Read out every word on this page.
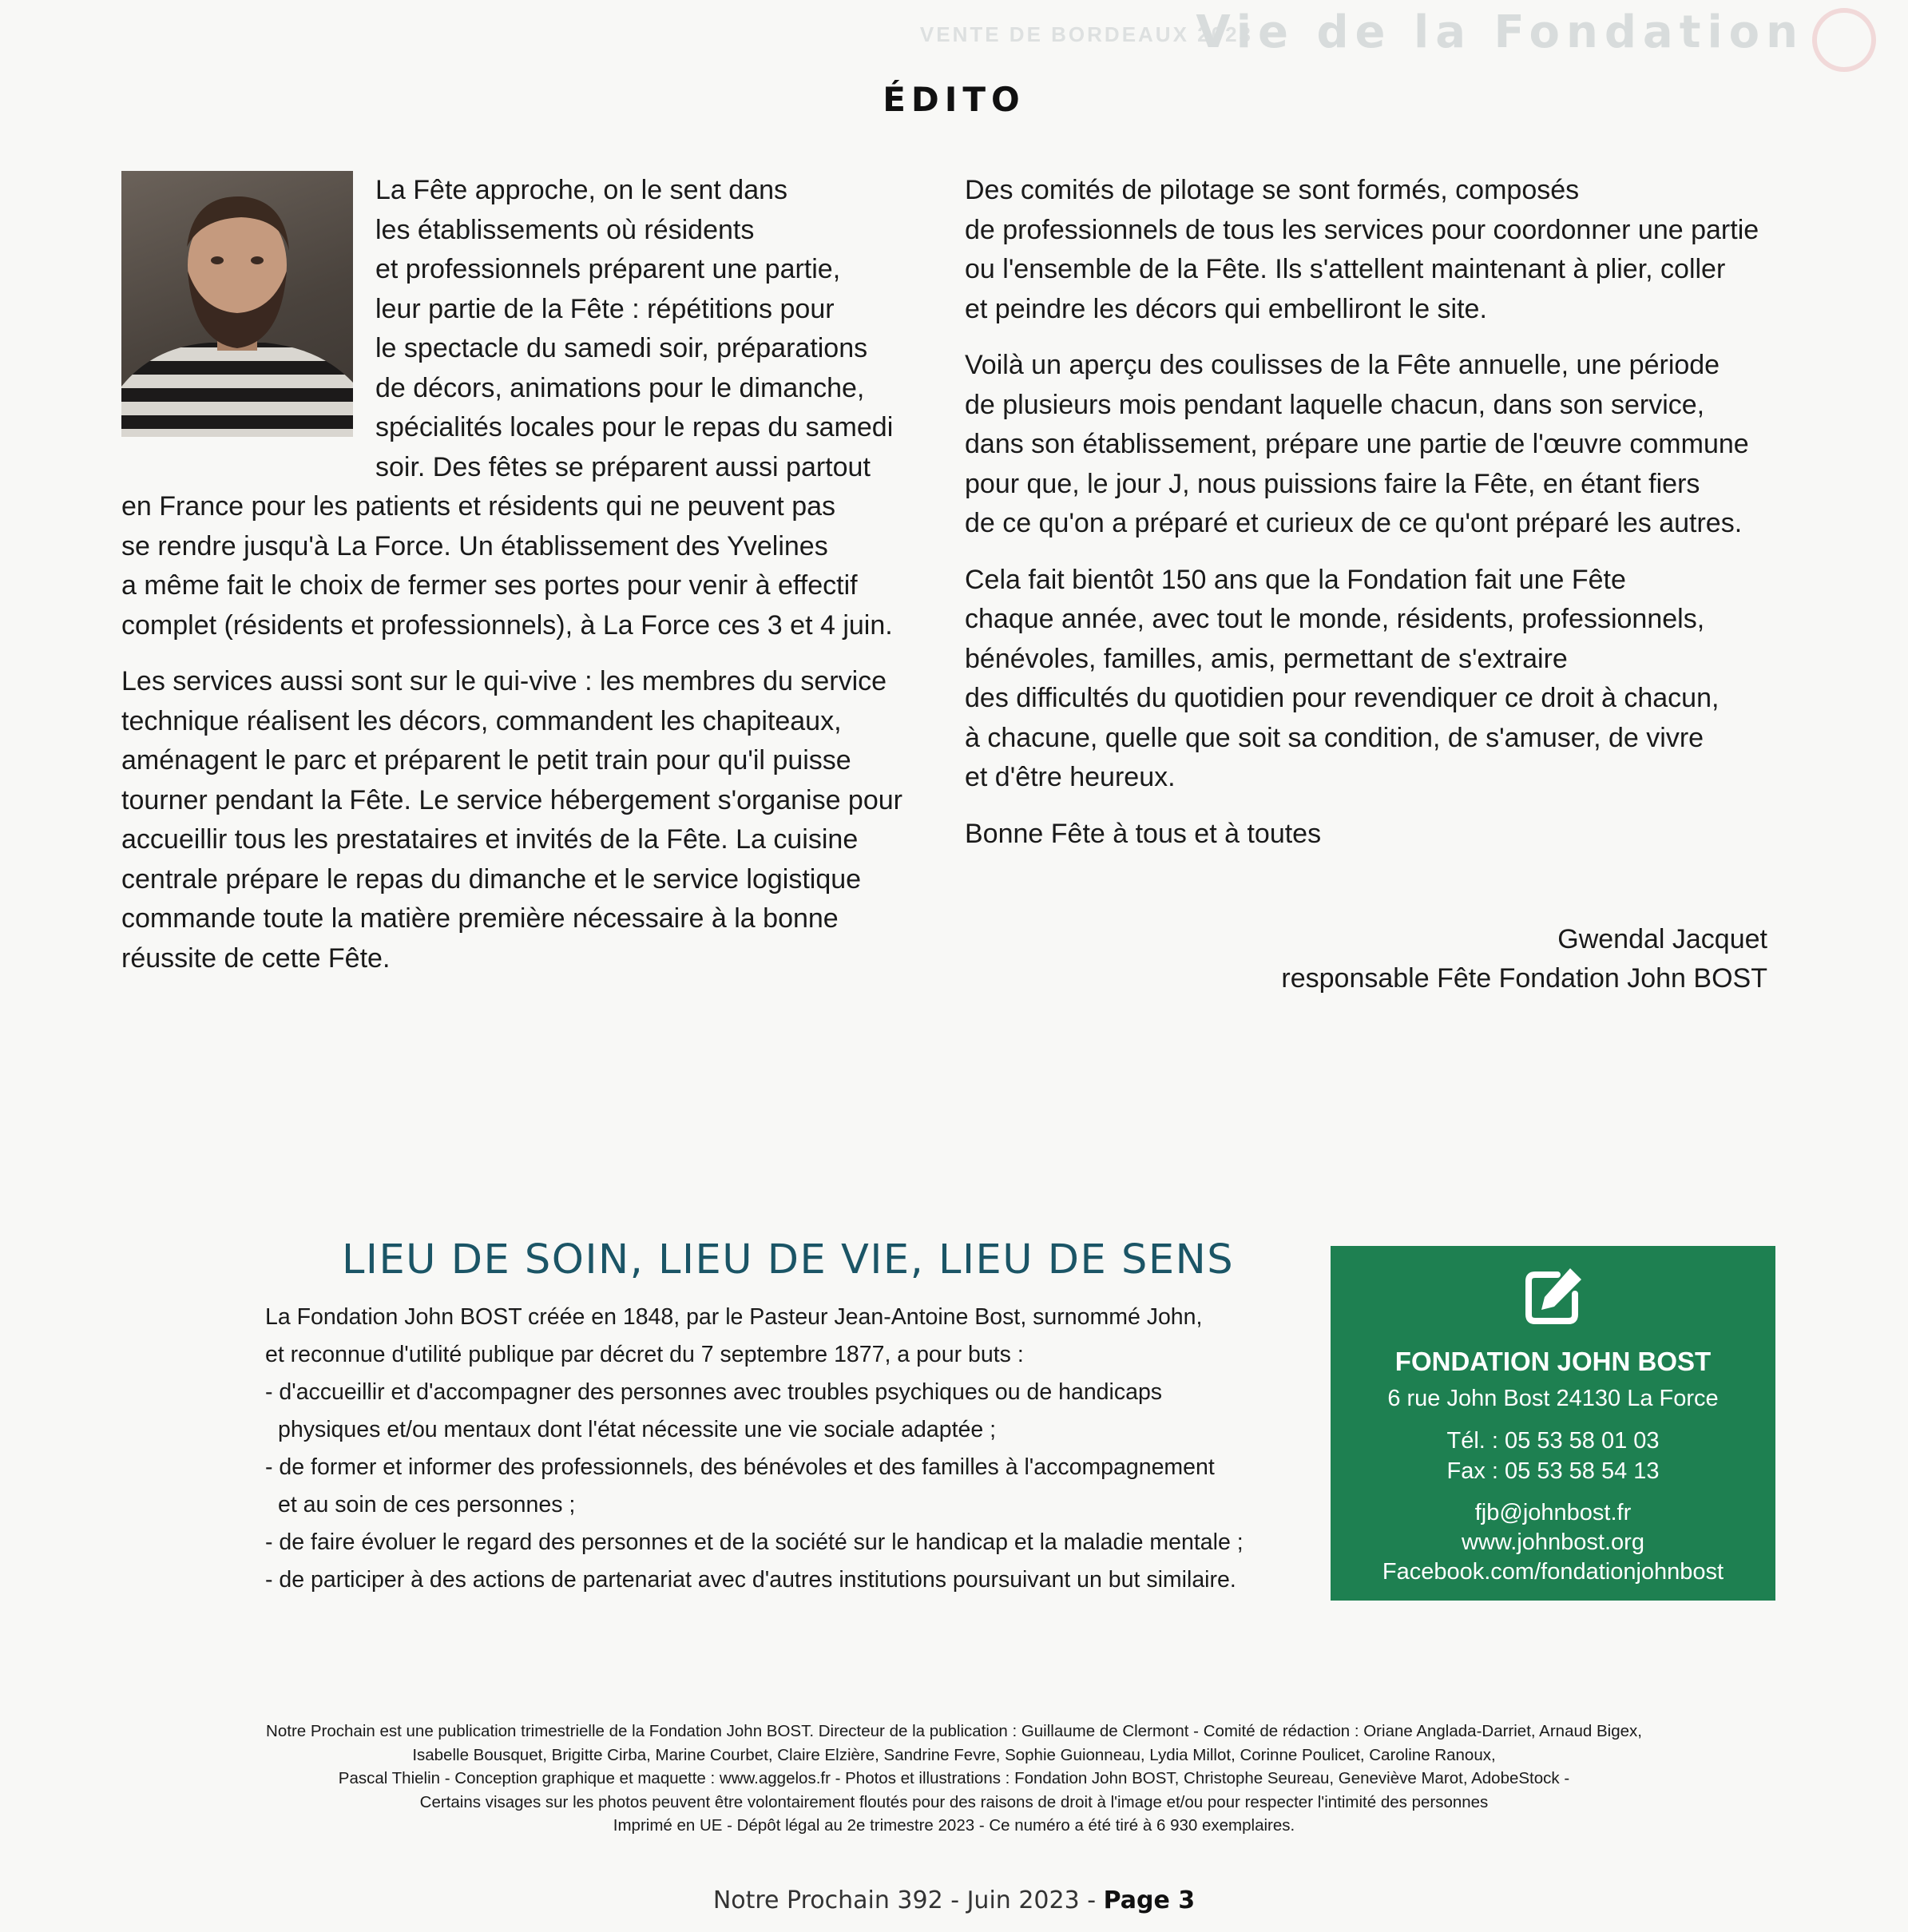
VENTE DE BORDEAUX 2023
Vie de la Fondation
ÉDITO

La Fête approche, on le sent dans
les établissements où résidents
et professionnels préparent une partie,
leur partie de la Fête : répétitions pour
le spectacle du samedi soir, préparations
de décors, animations pour le dimanche,
spécialités locales pour le repas du samedi
soir. Des fêtes se préparent aussi partout
en France pour les patients et résidents qui ne peuvent pas
se rendre jusqu'à La Force. Un établissement des Yvelines
a même fait le choix de fermer ses portes pour venir à effectif
complet (résidents et professionnels), à La Force ces 3 et 4 juin.

Les services aussi sont sur le qui-vive : les membres du service
technique réalisent les décors, commandent les chapiteaux,
aménagent le parc et préparent le petit train pour qu'il puisse
tourner pendant la Fête. Le service hébergement s'organise pour
accueillir tous les prestataires et invités de la Fête. La cuisine
centrale prépare le repas du dimanche et le service logistique
commande toute la matière première nécessaire à la bonne
réussite de cette Fête.

Des comités de pilotage se sont formés, composés
de professionnels de tous les services pour coordonner une partie
ou l'ensemble de la Fête. Ils s'attellent maintenant à plier, coller
et peindre les décors qui embelliront le site.

Voilà un aperçu des coulisses de la Fête annuelle, une période
de plusieurs mois pendant laquelle chacun, dans son service,
dans son établissement, prépare une partie de l'œuvre commune
pour que, le jour J, nous puissions faire la Fête, en étant fiers
de ce qu'on a préparé et curieux de ce qu'ont préparé les autres.

Cela fait bientôt 150 ans que la Fondation fait une Fête
chaque année, avec tout le monde, résidents, professionnels,
bénévoles, familles, amis, permettant de s'extraire
des difficultés du quotidien pour revendiquer ce droit à chacun,
à chacune, quelle que soit sa condition, de s'amuser, de vivre
et d'être heureux.

Bonne Fête à tous et à toutes

Gwendal Jacquet
responsable Fête Fondation John BOST
LIEU DE SOIN, LIEU DE VIE, LIEU DE SENS

La Fondation John BOST créée en 1848, par le Pasteur Jean-Antoine Bost, surnommé John,

et reconnue d'utilité publique par décret du 7 septembre 1877, a pour buts :

- d'accueillir et d'accompagner des personnes avec troubles psychiques ou de handicaps

physiques et/ou mentaux dont l'état nécessite une vie sociale adaptée ;

- de former et informer des professionnels, des bénévoles et des familles à l'accompagnement

et au soin de ces personnes ;

- de faire évoluer le regard des personnes et de la société sur le handicap et la maladie mentale ;

- de participer à des actions de partenariat avec d'autres institutions poursuivant un but similaire.

FONDATION JOHN BOST
6 rue John Bost 24130 La Force
Tél. : 05 53 58 01 03
Fax : 05 53 58 54 13
fjb@johnbost.fr
www.johnbost.org
Facebook.com/fondationjohnbost

Notre Prochain est une publication trimestrielle de la Fondation John BOST. Directeur de la publication : Guillaume de Clermont - Comité de rédaction : Oriane Anglada-Darriet, Arnaud Bigex,

Isabelle Bousquet, Brigitte Cirba, Marine Courbet, Claire Elzière, Sandrine Fevre, Sophie Guionneau, Lydia Millot, Corinne Poulicet, Caroline Ranoux,

Pascal Thielin - Conception graphique et maquette : www.aggelos.fr - Photos et illustrations : Fondation John BOST, Christophe Seureau, Geneviève Marot, AdobeStock -

Certains visages sur les photos peuvent être volontairement floutés pour des raisons de droit à l'image et/ou pour respecter l'intimité des personnes

Imprimé en UE - Dépôt légal au 2e trimestre 2023 - Ce numéro a été tiré à 6 930 exemplaires.

Notre Prochain 392 - Juin 2023 - Page 3
